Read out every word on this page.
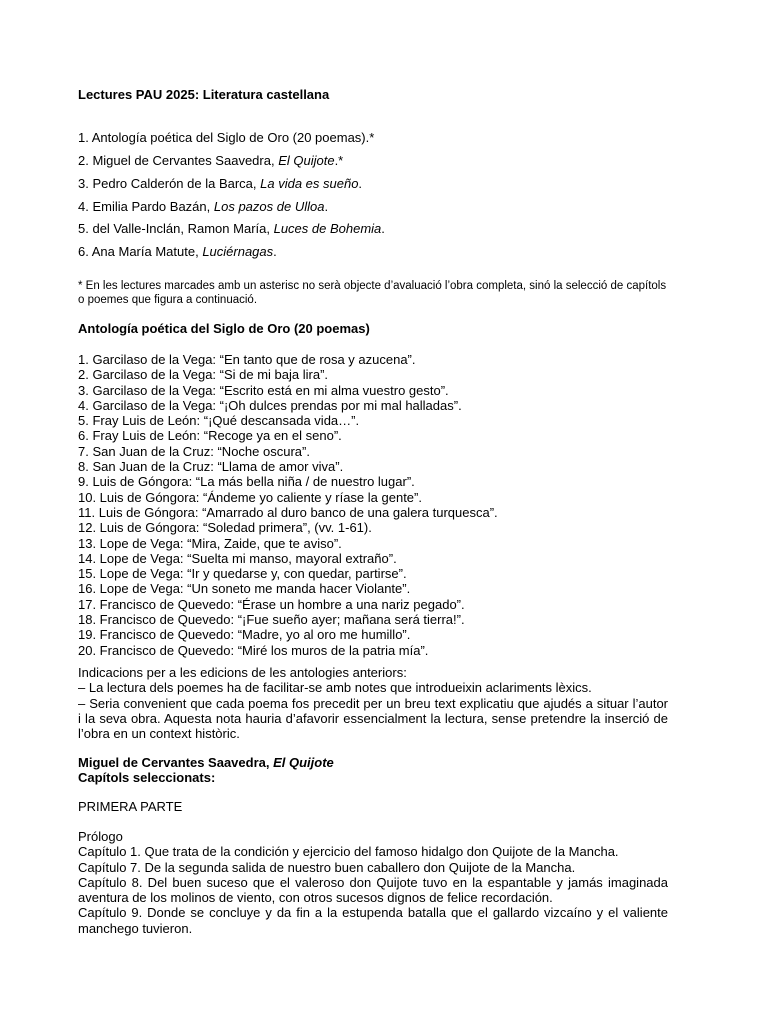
Lectures PAU 2025: Literatura castellana
1. Antología poética del Siglo de Oro (20 poemas).*
2. Miguel de Cervantes Saavedra, El Quijote.*
3. Pedro Calderón de la Barca, La vida es sueño.
4. Emilia Pardo Bazán, Los pazos de Ulloa.
5. del Valle-Inclán, Ramon María, Luces de Bohemia.
6. Ana María Matute, Luciérnagas.
* En les lectures marcades amb un asterisc no serà objecte d’avaluació l’obra completa, sinó la selecció de capítols o poemes que figura a continuació.
Antología poética del Siglo de Oro (20 poemas)
1. Garcilaso de la Vega: “En tanto que de rosa y azucena”.
2. Garcilaso de la Vega: “Si de mi baja lira”.
3. Garcilaso de la Vega: “Escrito está en mi alma vuestro gesto”.
4. Garcilaso de la Vega: “¡Oh dulces prendas por mi mal halladas”.
5. Fray Luis de León: “¡Qué descansada vida…”.
6. Fray Luis de León: “Recoge ya en el seno”.
7. San Juan de la Cruz: “Noche oscura”.
8. San Juan de la Cruz: “Llama de amor viva”.
9. Luis de Góngora: “La más bella niña / de nuestro lugar”.
10. Luis de Góngora: “Ándeme yo caliente y ríase la gente”.
11. Luis de Góngora: “Amarrado al duro banco de una galera turquesca”.
12. Luis de Góngora: “Soledad primera”, (vv. 1-61).
13. Lope de Vega: “Mira, Zaide, que te aviso”.
14. Lope de Vega: “Suelta mi manso, mayoral extraño”.
15. Lope de Vega: “Ir y quedarse y, con quedar, partirse”.
16. Lope de Vega: “Un soneto me manda hacer Violante”.
17. Francisco de Quevedo: “Érase un hombre a una nariz pegado”.
18. Francisco de Quevedo: “¡Fue sueño ayer; mañana será tierra!”.
19. Francisco de Quevedo: “Madre, yo al oro me humillo”.
20. Francisco de Quevedo: “Miré los muros de la patria mía”.
Indicacions per a les edicions de les antologies anteriors:
– La lectura dels poemes ha de facilitar-se amb notes que introdueixin aclariments lèxics.
– Seria convenient que cada poema fos precedit per un breu text explicatiu que ajudés a situar l’autor i la seva obra. Aquesta nota hauria d’afavorir essencialment la lectura, sense pretendre la inserció de l’obra en un context històric.
Miguel de Cervantes Saavedra, El Quijote
Capítols seleccionats:
PRIMERA PARTE
Prólogo
Capítulo 1. Que trata de la condición y ejercicio del famoso hidalgo don Quijote de la Mancha.
Capítulo 7. De la segunda salida de nuestro buen caballero don Quijote de la Mancha.
Capítulo 8. Del buen suceso que el valeroso don Quijote tuvo en la espantable y jamás imaginada aventura de los molinos de viento, con otros sucesos dignos de felice recordación.
Capítulo 9. Donde se concluye y da fin a la estupenda batalla que el gallardo vizcaíno y el valiente manchego tuvieron.
